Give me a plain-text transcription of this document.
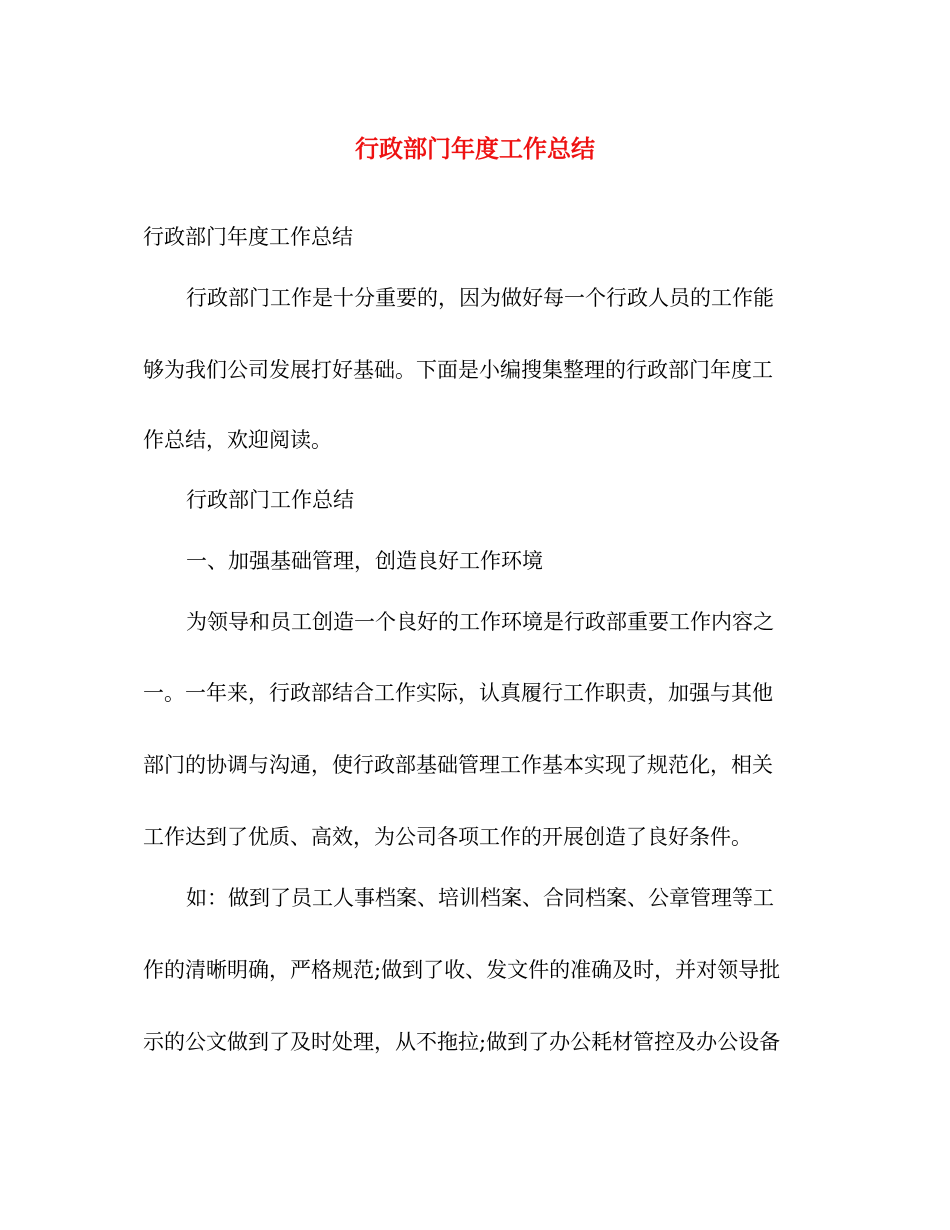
行政部门年度工作总结

行政部门年度工作总结

行政部门工作是十分重要的，因为做好每一个行政人员的工作能

够为我们公司发展打好基础。下面是小编搜集整理的行政部门年度工

作总结，欢迎阅读。

行政部门工作总结

一、加强基础管理，创造良好工作环境

为领导和员工创造一个良好的工作环境是行政部重要工作内容之

一。一年来，行政部结合工作实际，认真履行工作职责，加强与其他

部门的协调与沟通，使行政部基础管理工作基本实现了规范化，相关

工作达到了优质、高效，为公司各项工作的开展创造了良好条件。

如：做到了员工人事档案、培训档案、合同档案、公章管理等工

作的清晰明确，严格规范;做到了收、发文件的准确及时，并对领导批

示的公文做到了及时处理，从不拖拉;做到了办公耗材管控及办公设备
